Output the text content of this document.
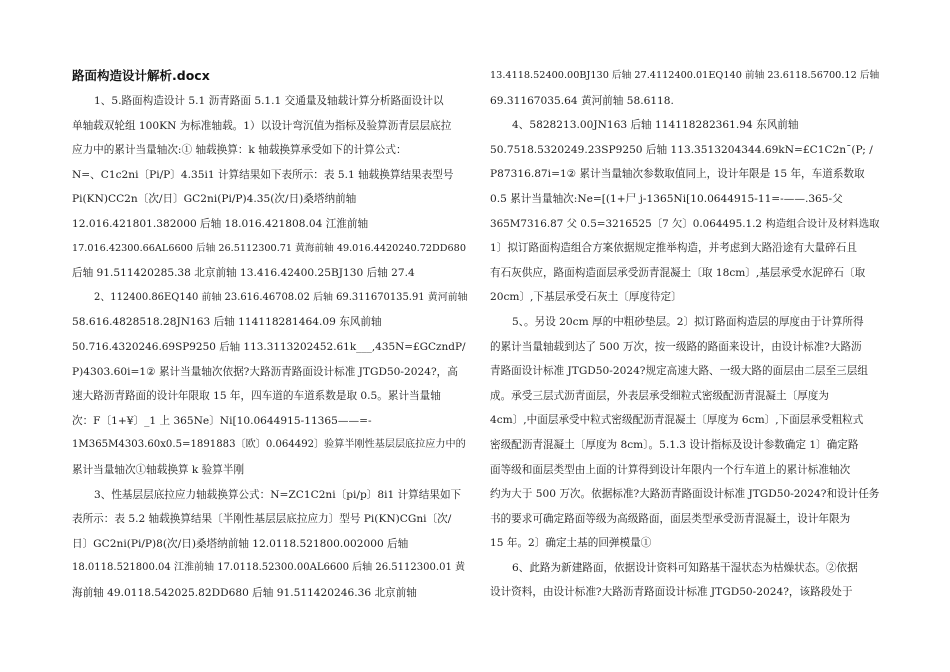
路面构造设计解析.docx
1、5.路面构造设计 5.1 沥青路面 5.1.1 交通量及轴载计算分析路面设计以
单轴载双轮组 100KN 为标准轴载。1）以设计弯沉值为指标及验算沥青层层底拉
应力中的累计当量轴次:① 轴载换算：k 轴载换算承受如下的计算公式：
N=、C1c2ni〔Pi/P〕4.35i1 计算结果如下表所示：表 5.1 轴载换算结果表型号
Pi(KN)CC2n〔次/日〕GC2ni(Pi/P)4.35(次/日)桑塔纳前轴
12.016.421801.382000 后轴 18.016.421808.04 江淮前轴
17.016.42300.66AL6600 后轴 26.5112300.71 黄海前轴 49.016.4420240.72DD680
后轴 91.511420285.38 北京前轴 13.416.42400.25BJ130 后轴 27.4
2、112400.86EQ140 前轴 23.616.46708.02 后轴 69.311670135.91 黄河前轴
58.616.4828518.28JN163 后轴 114118281464.09 东风前轴
50.716.4320246.69SP9250 后轴 113.3113202452.61k___,435N=£GCzndP/
P)4303.60i=1② 累计当量轴次依据?大路沥青路面设计标准 JTGD50-2024?，高
速大路沥青路面的设计年限取 15 年，四车道的车道系数是取 0.5。累计当量轴
次：F〔1+¥〕_1 上 365Ne〕Ni[10.0644915-11365——=-
1M365M4303.60x0.5=1891883〔欧〕0.064492〕验算半刚性基层层底拉应力中的
累计当量轴次①轴载换算 k 验算半刚
3、性基层层底拉应力轴载换算公式：N=ZC1C2ni〔pi/p〕8i1 计算结果如下
表所示：表 5.2 轴载换算结果〔半刚性基层层底拉应力〕型号 Pi(KN)CGni〔次/
日〕GC2ni(Pi/P)8(次/日)桑塔纳前轴 12.0118.521800.002000 后轴
18.0118.521800.04 江淮前轴 17.0118.52300.00AL6600 后轴 26.5112300.01 黄
海前轴 49.0118.542025.82DD680 后轴 91.511420246.36 北京前轴
13.4118.52400.00BJ130 后轴 27.4112400.01EQ140 前轴 23.6118.56700.12 后轴
69.31167035.64 黄河前轴 58.6118.
4、5828213.00JN163 后轴 114118282361.94 东风前轴
50.7518.5320249.23SP9250 后轴 113.3513204344.69kN=£C1C2n¯(P; /
P87316.87i=1② 累计当量轴次参数取值同上，设计年限是 15 年，车道系数取
0.5 累计当量轴次:Ne=[(1+尸 j-1365Ni[10.0644915-11=-——.365-父
365M7316.87 父 0.5=3216525〔7 欠〕0.064495.1.2 构造组合设计及材料选取
1〕拟订路面构造组合方案依据规定推举构造，并考虑到大路沿途有大量碎石且
有石灰供应，路面构造面层承受沥青混凝土〔取 18cm〕,基层承受水泥碎石〔取
20cm〕,下基层承受石灰土〔厚度待定〕
5、。另设 20cm 厚的中粗砂垫层。2〕拟订路面构造层的厚度由于计算所得
的累计当量轴载到达了 500 万次，按一级路的路面来设计，由设计标准?大路沥
青路面设计标准 JTGD50-2024?规定高速大路、一级大路的面层由二层至三层组
成。承受三层式沥青面层，外表层承受细粒式密级配沥青混凝土〔厚度为
4cm〕,中面层承受中粒式密级配沥青混凝土〔厚度为 6cm〕,下面层承受粗粒式
密级配沥青混凝土〔厚度为 8cm〕。5.1.3 设计指标及设计参数确定 1〕确定路
面等级和面层类型由上面的计算得到设计年限内一个行车道上的累计标准轴次
约为大于 500 万次。依据标准?大路沥青路面设计标准 JTGD50-2024?和设计任务
书的要求可确定路面等级为高级路面，面层类型承受沥青混凝土，设计年限为
15 年。2〕确定土基的回弹模量①
6、此路为新建路面，依据设计资料可知路基干湿状态为枯燥状态。②依据
设计资料，由设计标准?大路沥青路面设计标准 JTGD50-2024?，该路段处于
